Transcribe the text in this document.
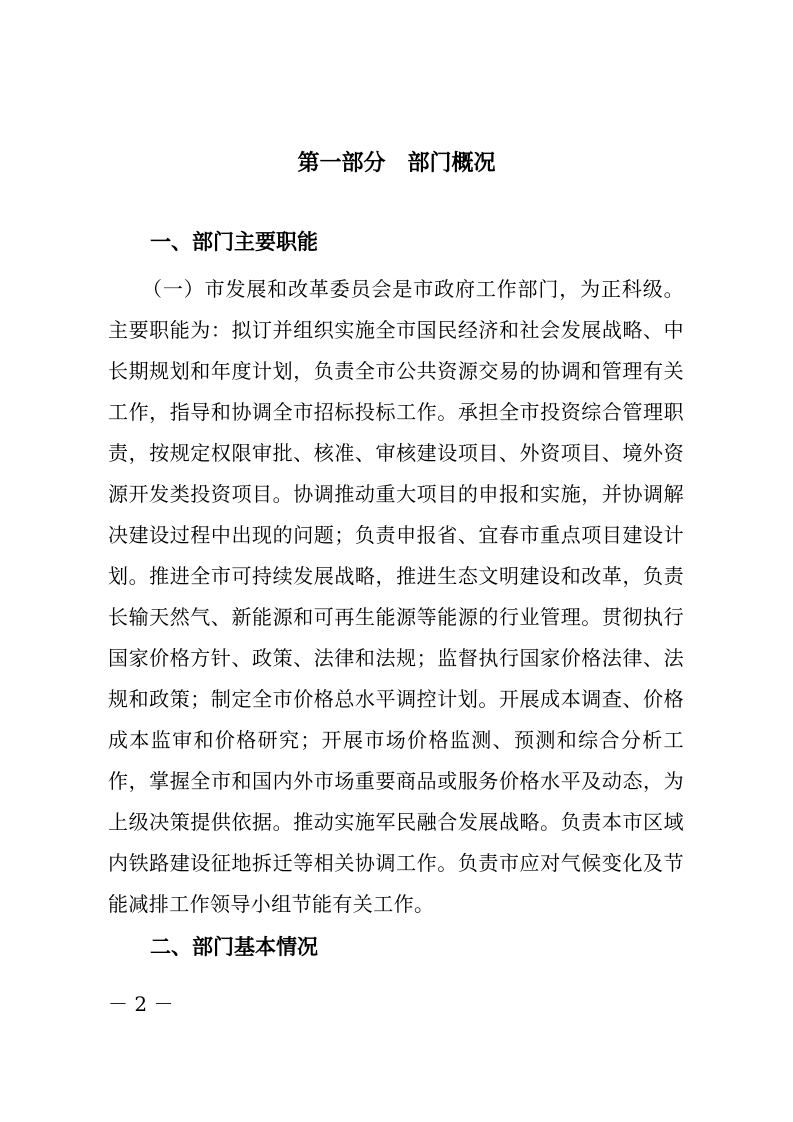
第一部分　部门概况
一、部门主要职能

（一）市发展和改革委员会是市政府工作部门，为正科级。主要职能为：拟订并组织实施全市国民经济和社会发展战略、中长期规划和年度计划，负责全市公共资源交易的协调和管理有关工作，指导和协调全市招标投标工作。承担全市投资综合管理职责，按规定权限审批、核准、审核建设项目、外资项目、境外资源开发类投资项目。协调推动重大项目的申报和实施，并协调解决建设过程中出现的问题；负责申报省、宜春市重点项目建设计划。推进全市可持续发展战略，推进生态文明建设和改革，负责长输天然气、新能源和可再生能源等能源的行业管理。贯彻执行国家价格方针、政策、法律和法规；监督执行国家价格法律、法规和政策；制定全市价格总水平调控计划。开展成本调查、价格成本监审和价格研究；开展市场价格监测、预测和综合分析工作，掌握全市和国内外市场重要商品或服务价格水平及动态，为上级决策提供依据。推动实施军民融合发展战略。负责本市区域内铁路建设征地拆迁等相关协调工作。负责市应对气候变化及节能减排工作领导小组节能有关工作。

二、部门基本情况
－ 2 －
